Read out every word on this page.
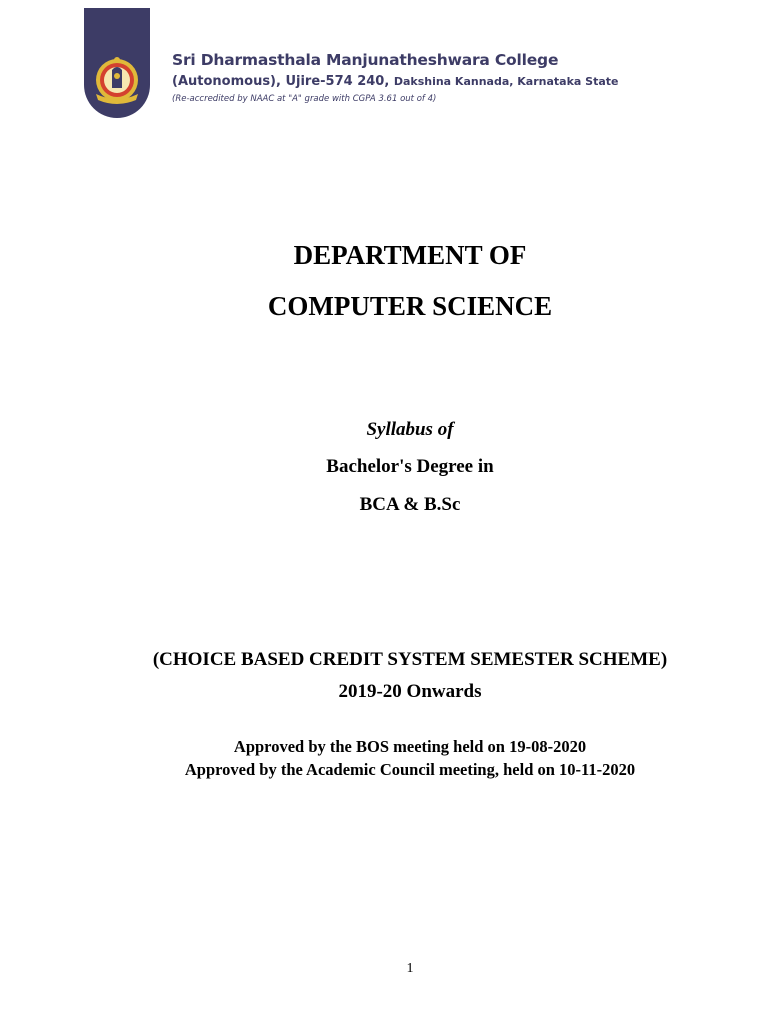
Sri Dharmasthala Manjunatheshwara College
(Autonomous), Ujire-574 240, Dakshina Kannada, Karnataka State
(Re-accredited by NAAC at "A" grade with CGPA 3.61 out of 4)
DEPARTMENT OF
COMPUTER SCIENCE
Syllabus of
Bachelor's Degree in
BCA & B.Sc
(CHOICE BASED CREDIT SYSTEM SEMESTER SCHEME)
2019-20 Onwards
Approved by the BOS meeting held on 19-08-2020
Approved by the Academic Council meeting, held on 10-11-2020
1
